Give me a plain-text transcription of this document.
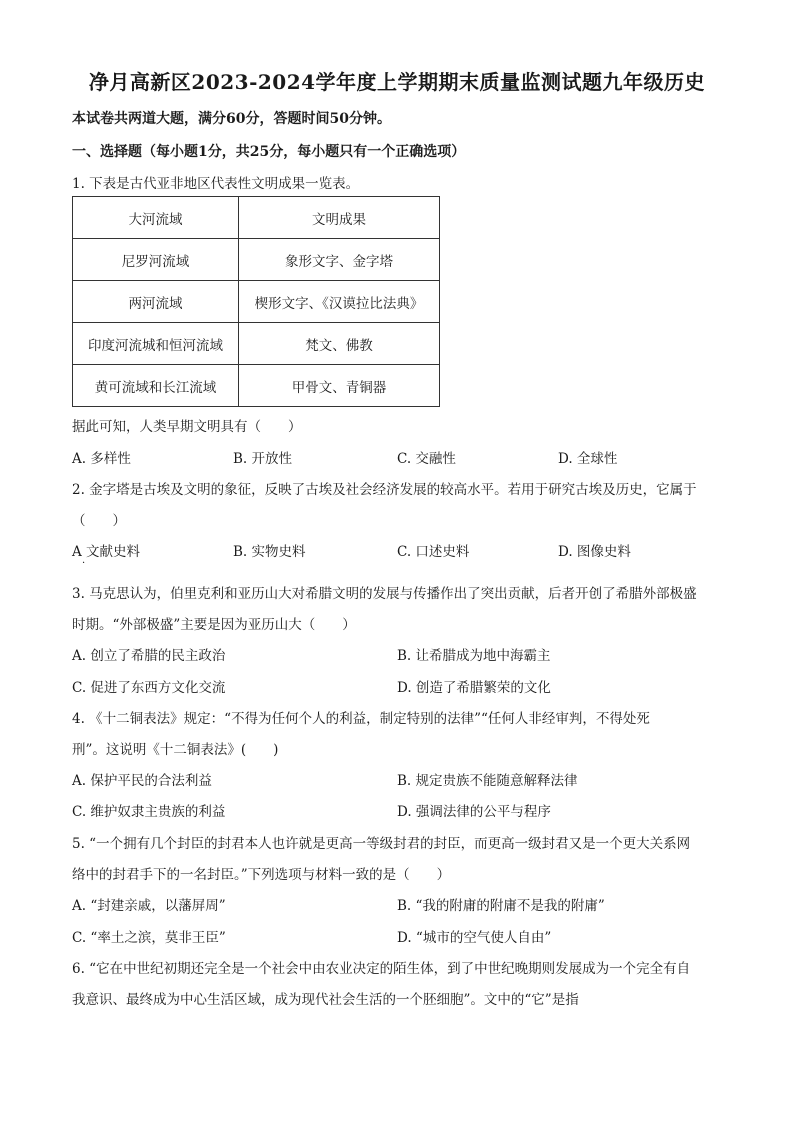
净月高新区2023-2024学年度上学期期末质量监测试题九年级历史
本试卷共两道大题，满分60分，答题时间50分钟。
一、选择题（每小题1分，共25分，每小题只有一个正确选项）
1. 下表是古代亚非地区代表性文明成果一览表。
大河流域	文明成果
尼罗河流域	象形文字、金字塔
两河流域	楔形文字、《汉谟拉比法典》
印度河流城和恒河流域	梵文、佛教
黄可流域和长江流域	甲骨文、青铜器
据此可知，人类早期文明具有（　　）
A. 多样性	B. 开放性	C. 交融性	D. 全球性
2. 金字塔是古埃及文明的象征，反映了古埃及社会经济发展的较高水平。若用于研究古埃及历史，它属于
（　　）
A 文献史料
·
B. 实物史料	C. 口述史料	D. 图像史料
3. 马克思认为，伯里克利和亚历山大对希腊文明的发展与传播作出了突出贡献，后者开创了希腊外部极盛
时期。“外部极盛”主要是因为亚历山大（　　）
A. 创立了希腊的民主政治	B. 让希腊成为地中海霸主
C. 促进了东西方文化交流	D. 创造了希腊繁荣的文化
4. 《十二铜表法》规定：“不得为任何个人的利益，制定特别的法律”“任何人非经审判，不得处死
刑”。这说明《十二铜表法》(　　)
A. 保护平民的合法利益	B. 规定贵族不能随意解释法律
C. 维护奴隶主贵族的利益	D. 强调法律的公平与程序
5. “一个拥有几个封臣的封君本人也许就是更高一等级封君的封臣，而更高一级封君又是一个更大关系网
络中的封君手下的一名封臣。”下列选项与材料一致的是（　　）
A. “封建亲戚，以藩屏周”	B. “我的附庸的附庸不是我的附庸”
C. “率土之滨，莫非王臣”	D. “城市的空气使人自由”
6. “它在中世纪初期还完全是一个社会中由农业决定的陌生体，到了中世纪晚期则发展成为一个完全有自
我意识、最终成为中心生活区域，成为现代社会生活的一个胚细胞”。文中的“它”是指
